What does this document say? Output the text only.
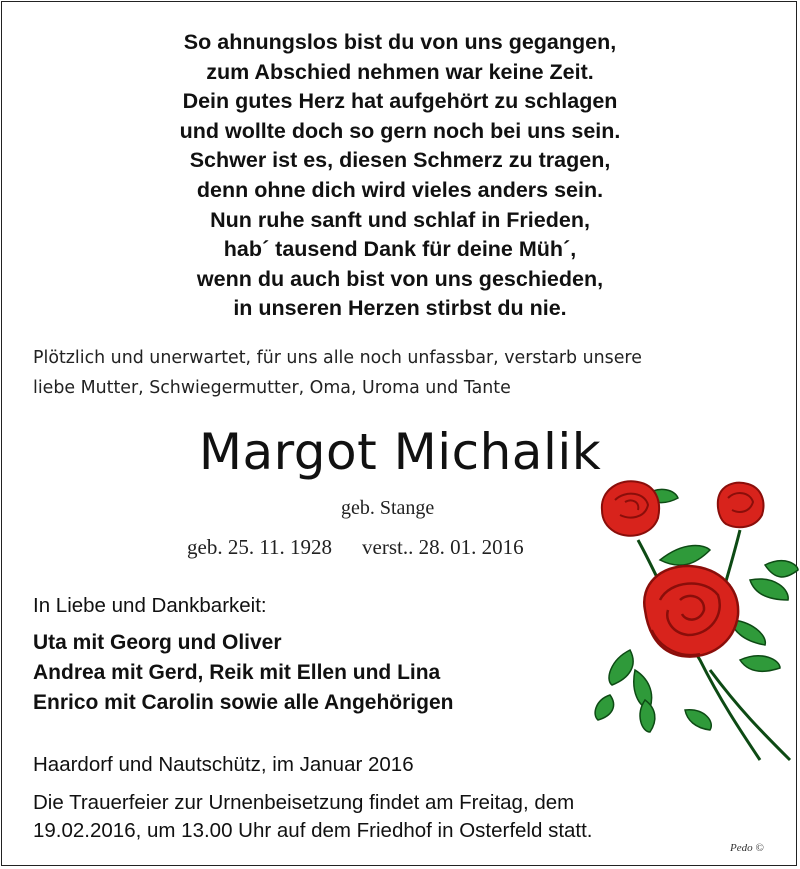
So ahnungslos bist du von uns gegangen,
zum Abschied nehmen war keine Zeit.
Dein gutes Herz hat aufgehört zu schlagen
und wollte doch so gern noch bei uns sein.
Schwer ist es, diesen Schmerz zu tragen,
denn ohne dich wird vieles anders sein.
Nun ruhe sanft und schlaf in Frieden,
hab´ tausend Dank für deine Müh´,
wenn du auch bist von uns geschieden,
in unseren Herzen stirbst du nie.
Plötzlich und unerwartet, für uns alle noch unfassbar, verstarb unsere
liebe Mutter, Schwiegermutter, Oma, Uroma und Tante
Margot Michalik
geb. Stange
geb. 25. 11. 1928 verst.. 28. 01. 2016
In Liebe und Dankbarkeit:
Uta mit Georg und Oliver
Andrea mit Gerd, Reik mit Ellen und Lina
Enrico mit Carolin sowie alle Angehörigen
Haardorf und Nautschütz, im Januar 2016
Die Trauerfeier zur Urnenbeisetzung findet am Freitag, dem
19.02.2016, um 13.00 Uhr auf dem Friedhof in Osterfeld statt.
Pedo ©
